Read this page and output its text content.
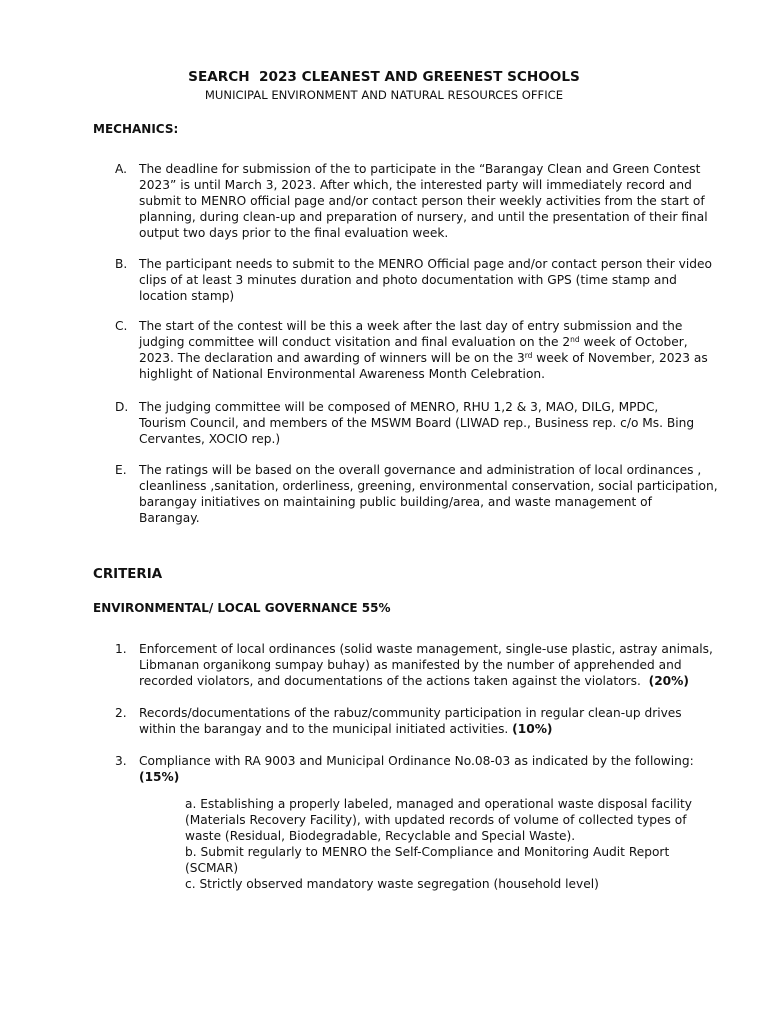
SEARCH  2023 CLEANEST AND GREENEST SCHOOLS
MUNICIPAL ENVIRONMENT AND NATURAL RESOURCES OFFICE
MECHANICS:
A. The deadline for submission of the to participate in the “Barangay Clean and Green Contest
2023” is until March 3, 2023. After which, the interested party will immediately record and
submit to MENRO official page and/or contact person their weekly activities from the start of
planning, during clean-up and preparation of nursery, and until the presentation of their final
output two days prior to the final evaluation week.
B. The participant needs to submit to the MENRO Official page and/or contact person their video
clips of at least 3 minutes duration and photo documentation with GPS (time stamp and
location stamp)
C. The start of the contest will be this a week after the last day of entry submission and the
judging committee will conduct visitation and final evaluation on the 2nd week of October,
2023. The declaration and awarding of winners will be on the 3rd week of November, 2023 as
highlight of National Environmental Awareness Month Celebration.
D. The judging committee will be composed of MENRO, RHU 1,2 & 3, MAO, DILG, MPDC,
Tourism Council, and members of the MSWM Board (LIWAD rep., Business rep. c/o Ms. Bing
Cervantes, XOCIO rep.)
E. The ratings will be based on the overall governance and administration of local ordinances ,
cleanliness ,sanitation, orderliness, greening, environmental conservation, social participation,
barangay initiatives on maintaining public building/area, and waste management of
Barangay.
CRITERIA
ENVIRONMENTAL/ LOCAL GOVERNANCE 55%
1. Enforcement of local ordinances (solid waste management, single-use plastic, astray animals,
Libmanan organikong sumpay buhay) as manifested by the number of apprehended and
recorded violators, and documentations of the actions taken against the violators.  (20%)
2. Records/documentations of the rabuz/community participation in regular clean-up drives
within the barangay and to the municipal initiated activities. (10%)
3. Compliance with RA 9003 and Municipal Ordinance No.08-03 as indicated by the following:
(15%)
a. Establishing a properly labeled, managed and operational waste disposal facility
(Materials Recovery Facility), with updated records of volume of collected types of
waste (Residual, Biodegradable, Recyclable and Special Waste).
b. Submit regularly to MENRO the Self-Compliance and Monitoring Audit Report
(SCMAR)
c. Strictly observed mandatory waste segregation (household level)
